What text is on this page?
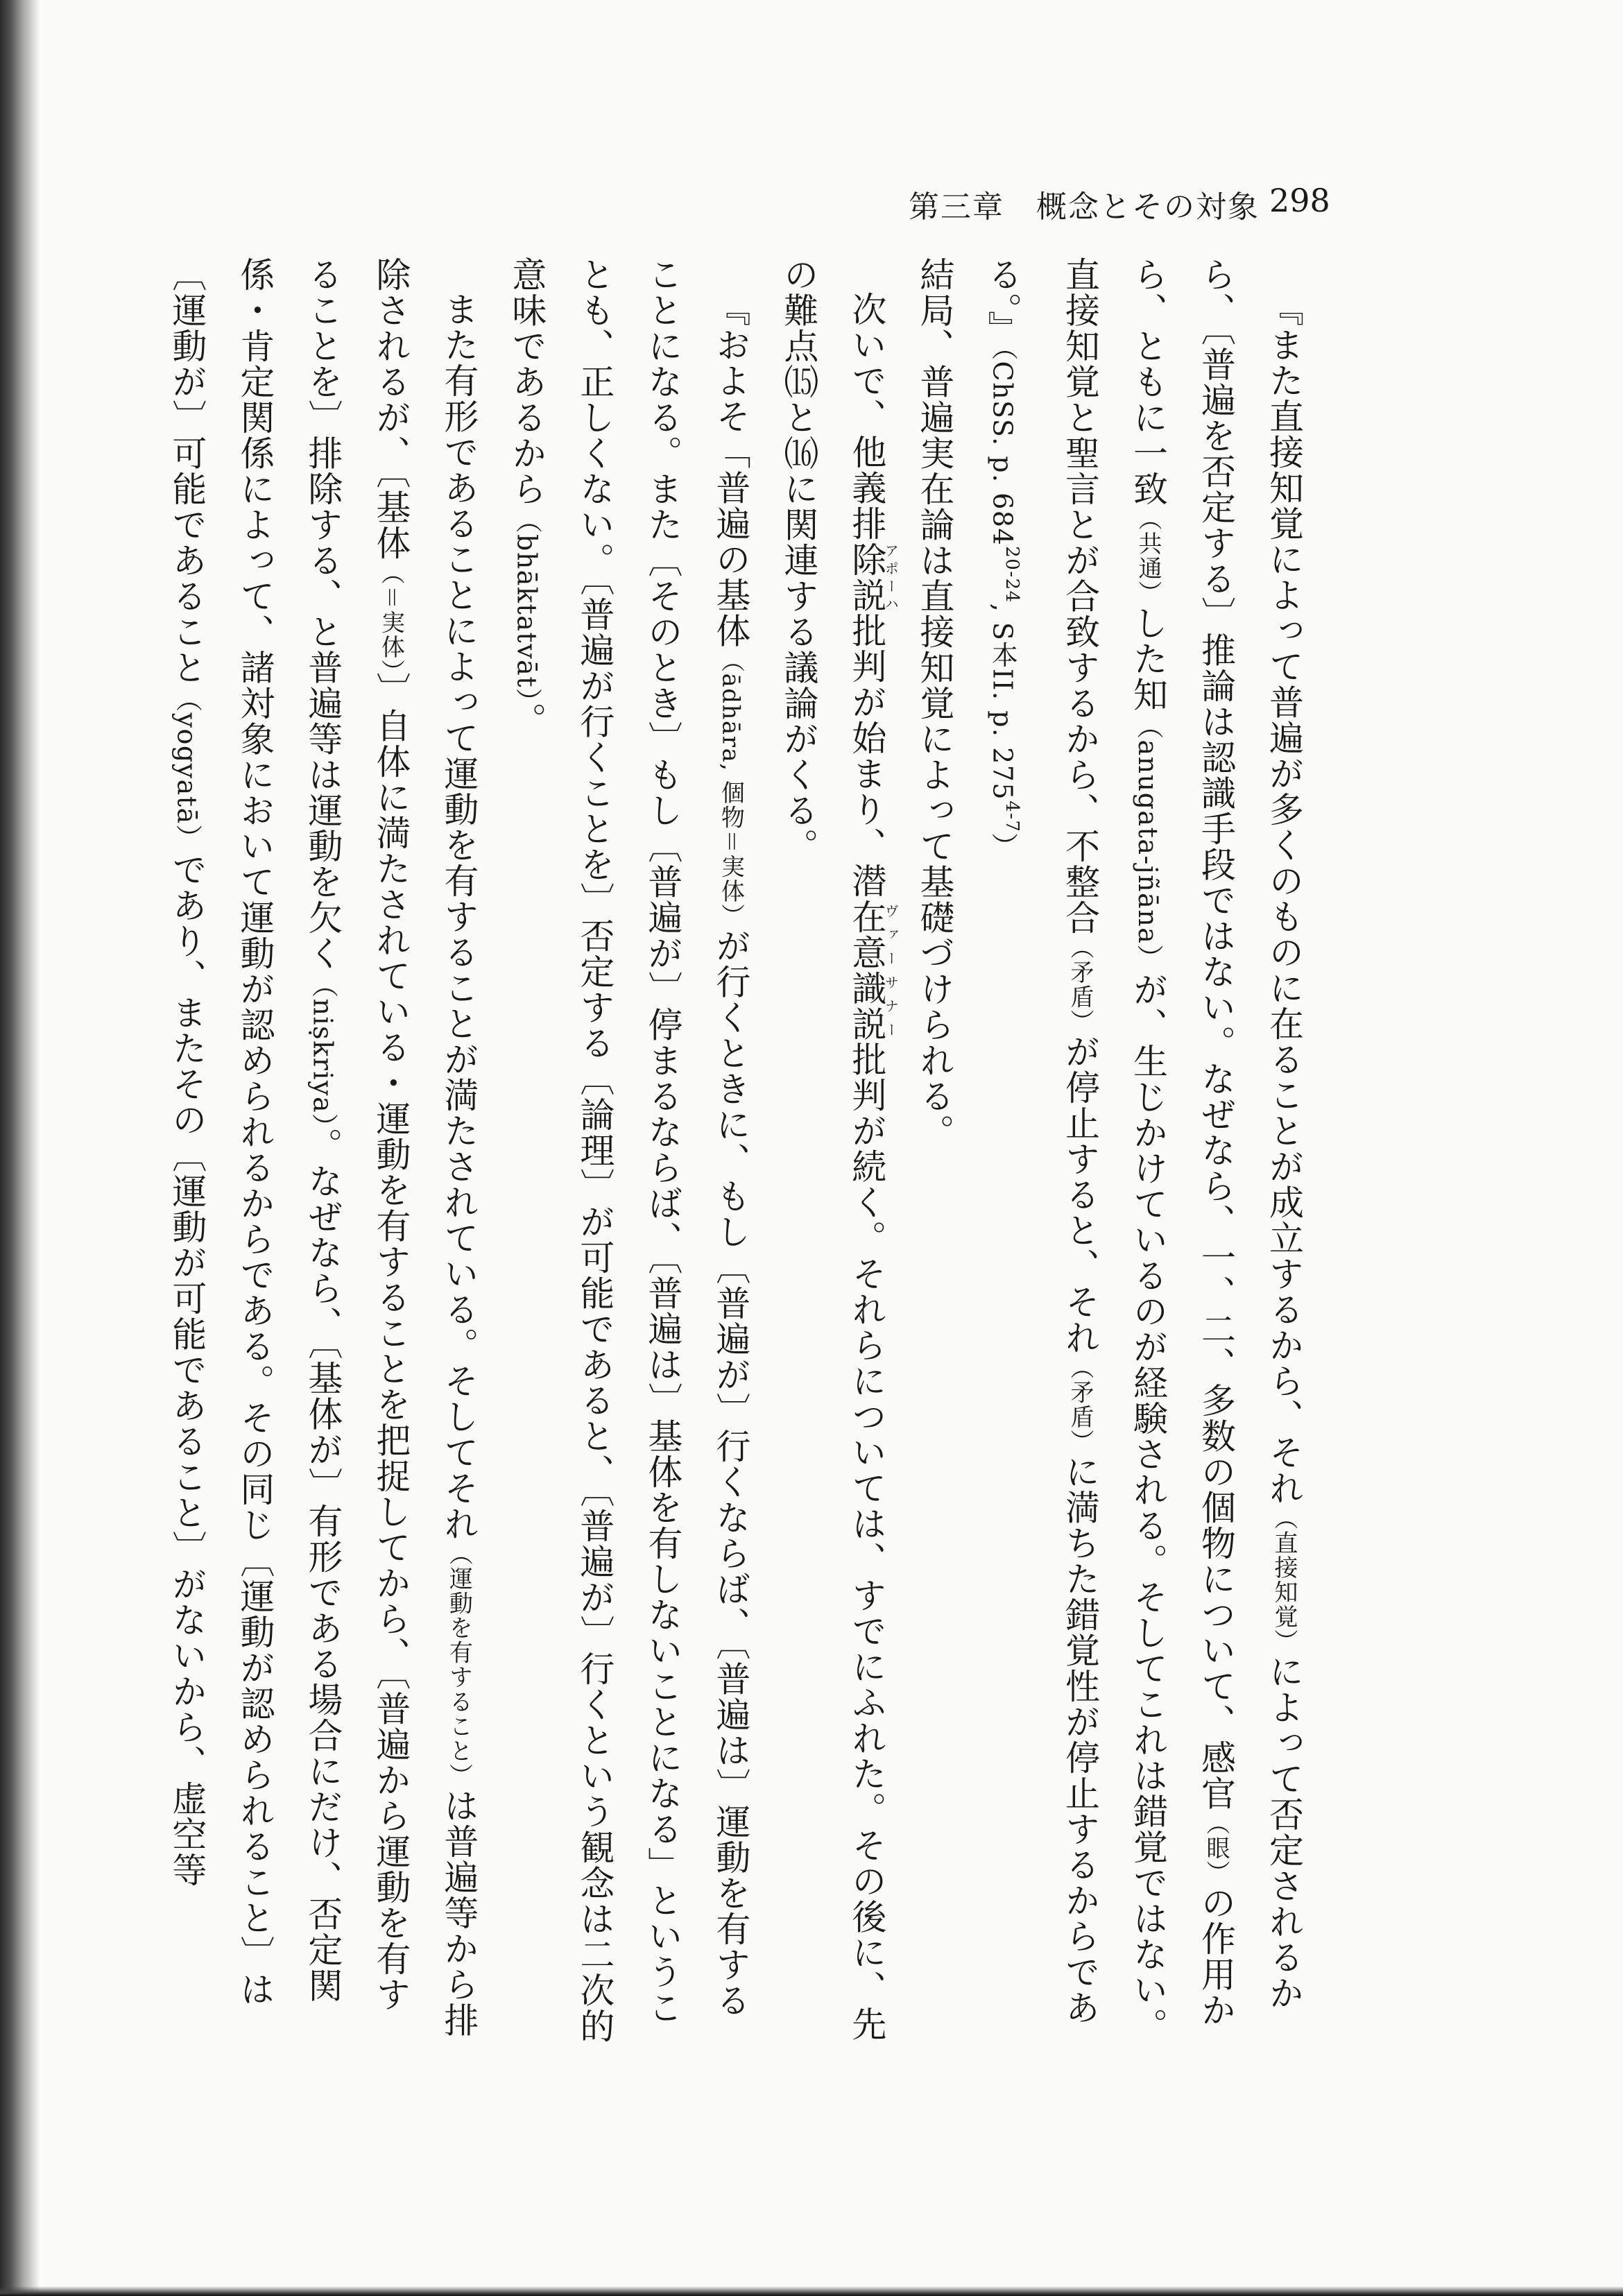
第三章　概念とその対象 298

『また直接知覚によって普遍が多くのものに在ることが成立するから、それ（直接知覚）によって否定されるから、〔普遍を否定する〕推論は認識手段ではない。なぜなら、一、二、多数の個物について、感官（眼）の作用から、ともに一致（共通）した知（anugata-jñāna）が、生じかけているのが経験される。そしてこれは錯覚ではない。直接知覚と聖言とが合致するから、不整合（矛盾）が停止すると、それ（矛盾）に満ちた錯覚性が停止するからである。』（ChSS. p. 684$^{20-24}$, S本II. p. 275$^{4-7}$）

結局、普遍実在論は直接知覚によって基礎づけられる。

次いで、他義排除説アポーハ批判が始まり、潜在意識説ヴァーサナー批判が続く。それらについては、すでにふれた。その後に、先の難点⒂と⒃に関連する議論がくる。

『およそ「普遍の基体（ādhāra, 個物＝実体）が行くときに、もし〔普遍が〕行くならば、〔普遍は〕運動を有することになる。また〔そのとき〕もし〔普遍が〕停まるならば、〔普遍は〕基体を有しないことになる」ということも、正しくない。〔普遍が行くことを〕否定する〔論理〕が可能であると、〔普遍が〕行くという観念は二次的意味であるから（bhāktatvāt）。

また有形であることによって運動を有することが満たされている。そしてそれ（運動を有すること）は普遍等から排除されるが、〔基体（＝実体）〕自体に満たされている・運動を有することを把捉してから、〔普遍から運動を有することを〕排除する、と普遍等は運動を欠く（niṣkriya）。なぜなら、〔基体が〕有形である場合にだけ、否定関係・肯定関係によって、諸対象において運動が認められるからである。その同じ〔運動が認められること〕は〔運動が〕可能であること（yogyatā）であり、またその〔運動が可能であること〕がないから、虚空等
